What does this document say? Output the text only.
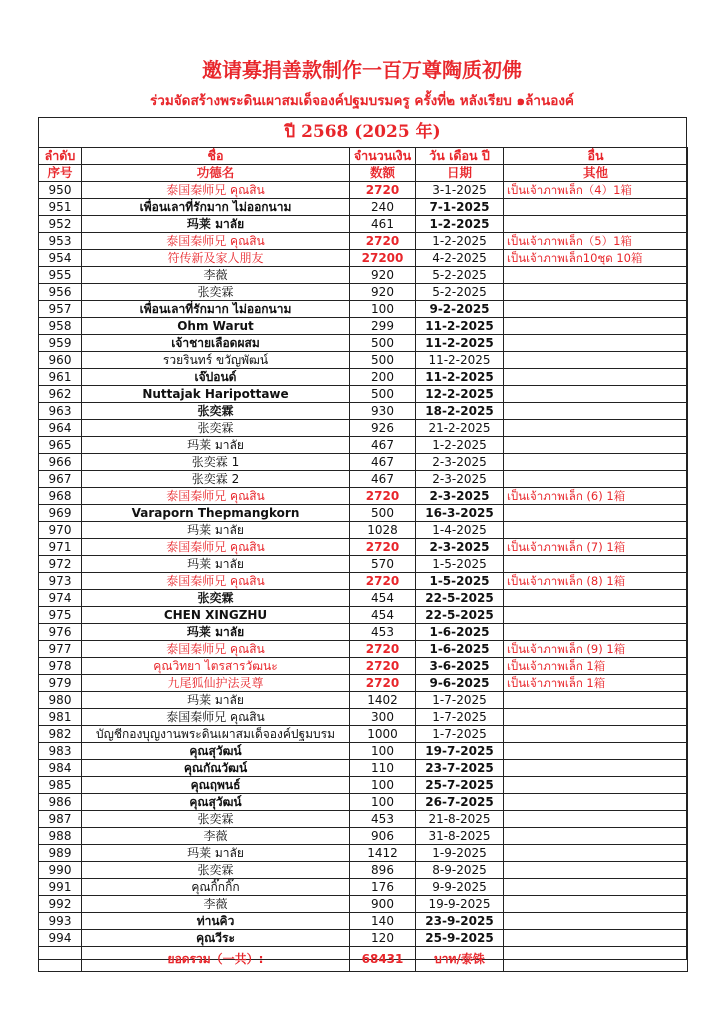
邀请募捐善款制作一百万尊陶质初佛
ร่วมจัดสร้างพระดินเผาสมเด็จองค์ปฐมบรมครู ครั้งที่๒ หลังเรียบ ๑ล้านองค์
ปี 2568 (2025 年)
ลำดับ	ชื่อ	จำนวนเงิน	วัน เดือน ปี	อื่น
序号	功德名	数额	日期	其他
950	泰国秦师兄 คุณสิน	2720	3-1-2025	เป็นเจ้าภาพเล็ก（4）1箱
951	เพื่อนเลาที่รักมาก ไม่ออกนาม	240	7-1-2025	
952	玛莱 มาลัย	461	1-2-2025	
953	泰国秦师兄 คุณสิน	2720	1-2-2025	เป็นเจ้าภาพเล็ก（5）1箱
954	符传新及家人朋友	27200	4-2-2025	เป็นเจ้าภาพเล็ก10ชุด 10箱
955	李薇	920	5-2-2025	
956	张奕霖	920	5-2-2025	
957	เพื่อนเลาที่รักมาก ไม่ออกนาม	100	9-2-2025	
958	Ohm Warut	299	11-2-2025	
959	เจ้าชายเลือดผสม	500	11-2-2025	
960	รวยรินทร์ ขวัญพัฒน์	500	11-2-2025	
961	เจ๊ปอนด์	200	11-2-2025	
962	Nuttajak Haripottawe	500	12-2-2025	
963	张奕霖	930	18-2-2025	
964	张奕霖	926	21-2-2025	
965	玛莱 มาลัย	467	1-2-2025	
966	张奕霖 1	467	2-3-2025	
967	张奕霖 2	467	2-3-2025	
968	泰国秦师兄 คุณสิน	2720	2-3-2025	เป็นเจ้าภาพเล็ก (6) 1箱
969	Varaporn Thepmangkorn	500	16-3-2025	
970	玛莱 มาลัย	1028	1-4-2025	
971	泰国秦师兄 คุณสิน	2720	2-3-2025	เป็นเจ้าภาพเล็ก (7) 1箱
972	玛莱 มาลัย	570	1-5-2025	
973	泰国秦师兄 คุณสิน	2720	1-5-2025	เป็นเจ้าภาพเล็ก (8) 1箱
974	张奕霖	454	22-5-2025	
975	CHEN XINGZHU	454	22-5-2025	
976	玛莱 มาลัย	453	1-6-2025	
977	泰国秦师兄 คุณสิน	2720	1-6-2025	เป็นเจ้าภาพเล็ก (9) 1箱
978	คุณวิทยา ไตรสารวัฒนะ	2720	3-6-2025	เป็นเจ้าภาพเล็ก 1箱
979	九尾狐仙护法灵尊	2720	9-6-2025	เป็นเจ้าภาพเล็ก 1箱
980	玛莱 มาลัย	1402	1-7-2025	
981	泰国秦师兄 คุณสิน	300	1-7-2025	
982	บัญชีกองบุญงานพระดินเผาสมเด็จองค์ปฐมบรม	1000	1-7-2025	
983	คุณสุวัฒน์	100	19-7-2025	
984	คุณกัณวัฒน์	110	23-7-2025	
985	คุณฤพนธ์	100	25-7-2025	
986	คุณสุวัฒน์	100	26-7-2025	
987	张奕霖	453	21-8-2025	
988	李薇	906	31-8-2025	
989	玛莱 มาลัย	1412	1-9-2025	
990	张奕霖	896	8-9-2025	
991	คุณกิ๊กกิ๊ก	176	9-9-2025	
992	李薇	900	19-9-2025	
993	ท่านคิว	140	23-9-2025	
994	คุณวีระ	120	25-9-2025	
	ยอดรวม（一共）:	68431	บาท/泰铢	
